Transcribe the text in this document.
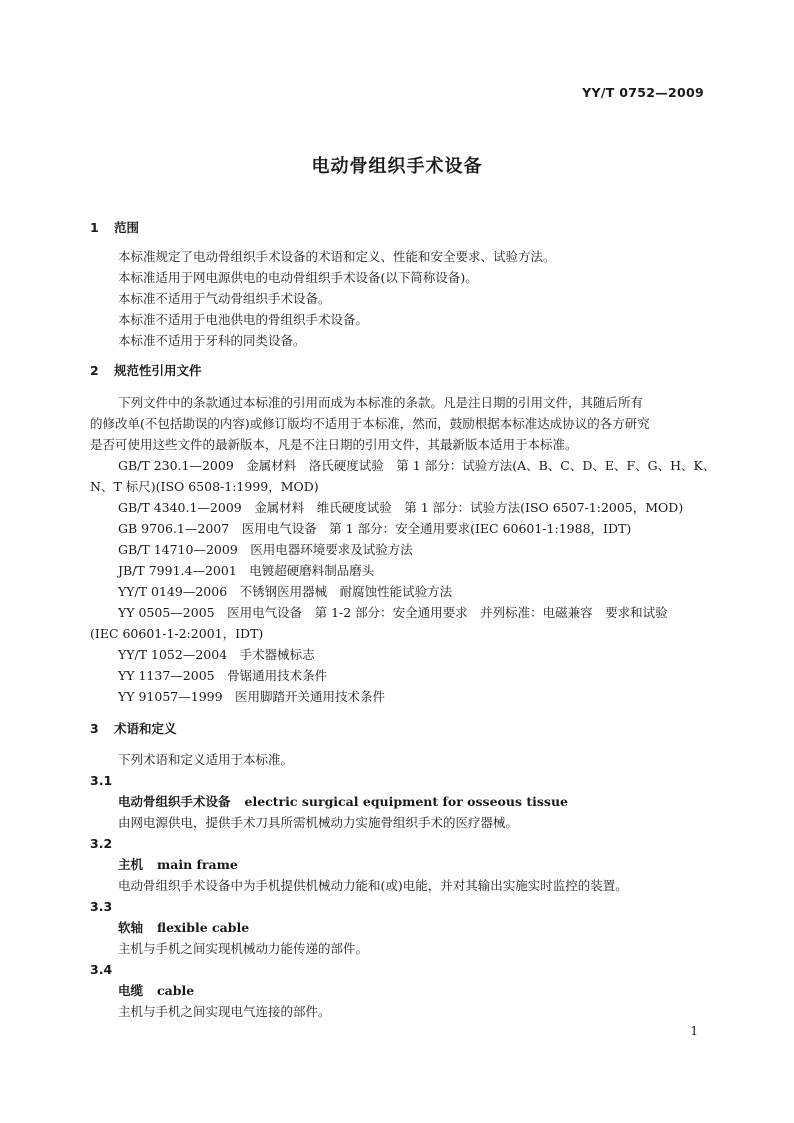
YY/T 0752—2009
电动骨组织手术设备
1 范围
本标准规定了电动骨组织手术设备的术语和定义、性能和安全要求、试验方法。
本标准适用于网电源供电的电动骨组织手术设备(以下简称设备)。
本标准不适用于气动骨组织手术设备。
本标准不适用于电池供电的骨组织手术设备。
本标准不适用于牙科的同类设备。
2 规范性引用文件
下列文件中的条款通过本标准的引用而成为本标准的条款。凡是注日期的引用文件，其随后所有
的修改单(不包括勘误的内容)或修订版均不适用于本标准，然而，鼓励根据本标准达成协议的各方研究
是否可使用这些文件的最新版本，凡是不注日期的引用文件，其最新版本适用于本标准。
GB/T 230.1—2009　金属材料　洛氏硬度试验　第 1 部分：试验方法(A、B、C、D、E、F、G、H、K、
N、T 标尺)(ISO 6508-1:1999，MOD)
GB/T 4340.1—2009　金属材料　维氏硬度试验　第 1 部分：试验方法(ISO 6507-1:2005，MOD)
GB 9706.1—2007　医用电气设备　第 1 部分：安全通用要求(IEC 60601-1:1988，IDT)
GB/T 14710—2009　医用电器环境要求及试验方法
JB/T 7991.4—2001　电镀超硬磨料制品磨头
YY/T 0149—2006　不锈钢医用器械　耐腐蚀性能试验方法
YY 0505—2005　医用电气设备　第 1-2 部分：安全通用要求　并列标准：电磁兼容　要求和试验
(IEC 60601-1-2:2001，IDT)
YY/T 1052—2004　手术器械标志
YY 1137—2005　骨锯通用技术条件
YY 91057—1999　医用脚踏开关通用技术条件
3 术语和定义
下列术语和定义适用于本标准。
3.1
电动骨组织手术设备 electric surgical equipment for osseous tissue
由网电源供电，提供手术刀具所需机械动力实施骨组织手术的医疗器械。
3.2
主机 main frame
电动骨组织手术设备中为手机提供机械动力能和(或)电能，并对其输出实施实时监控的装置。
3.3
软轴 flexible cable
主机与手机之间实现机械动力能传递的部件。
3.4
电缆 cable
主机与手机之间实现电气连接的部件。
1
